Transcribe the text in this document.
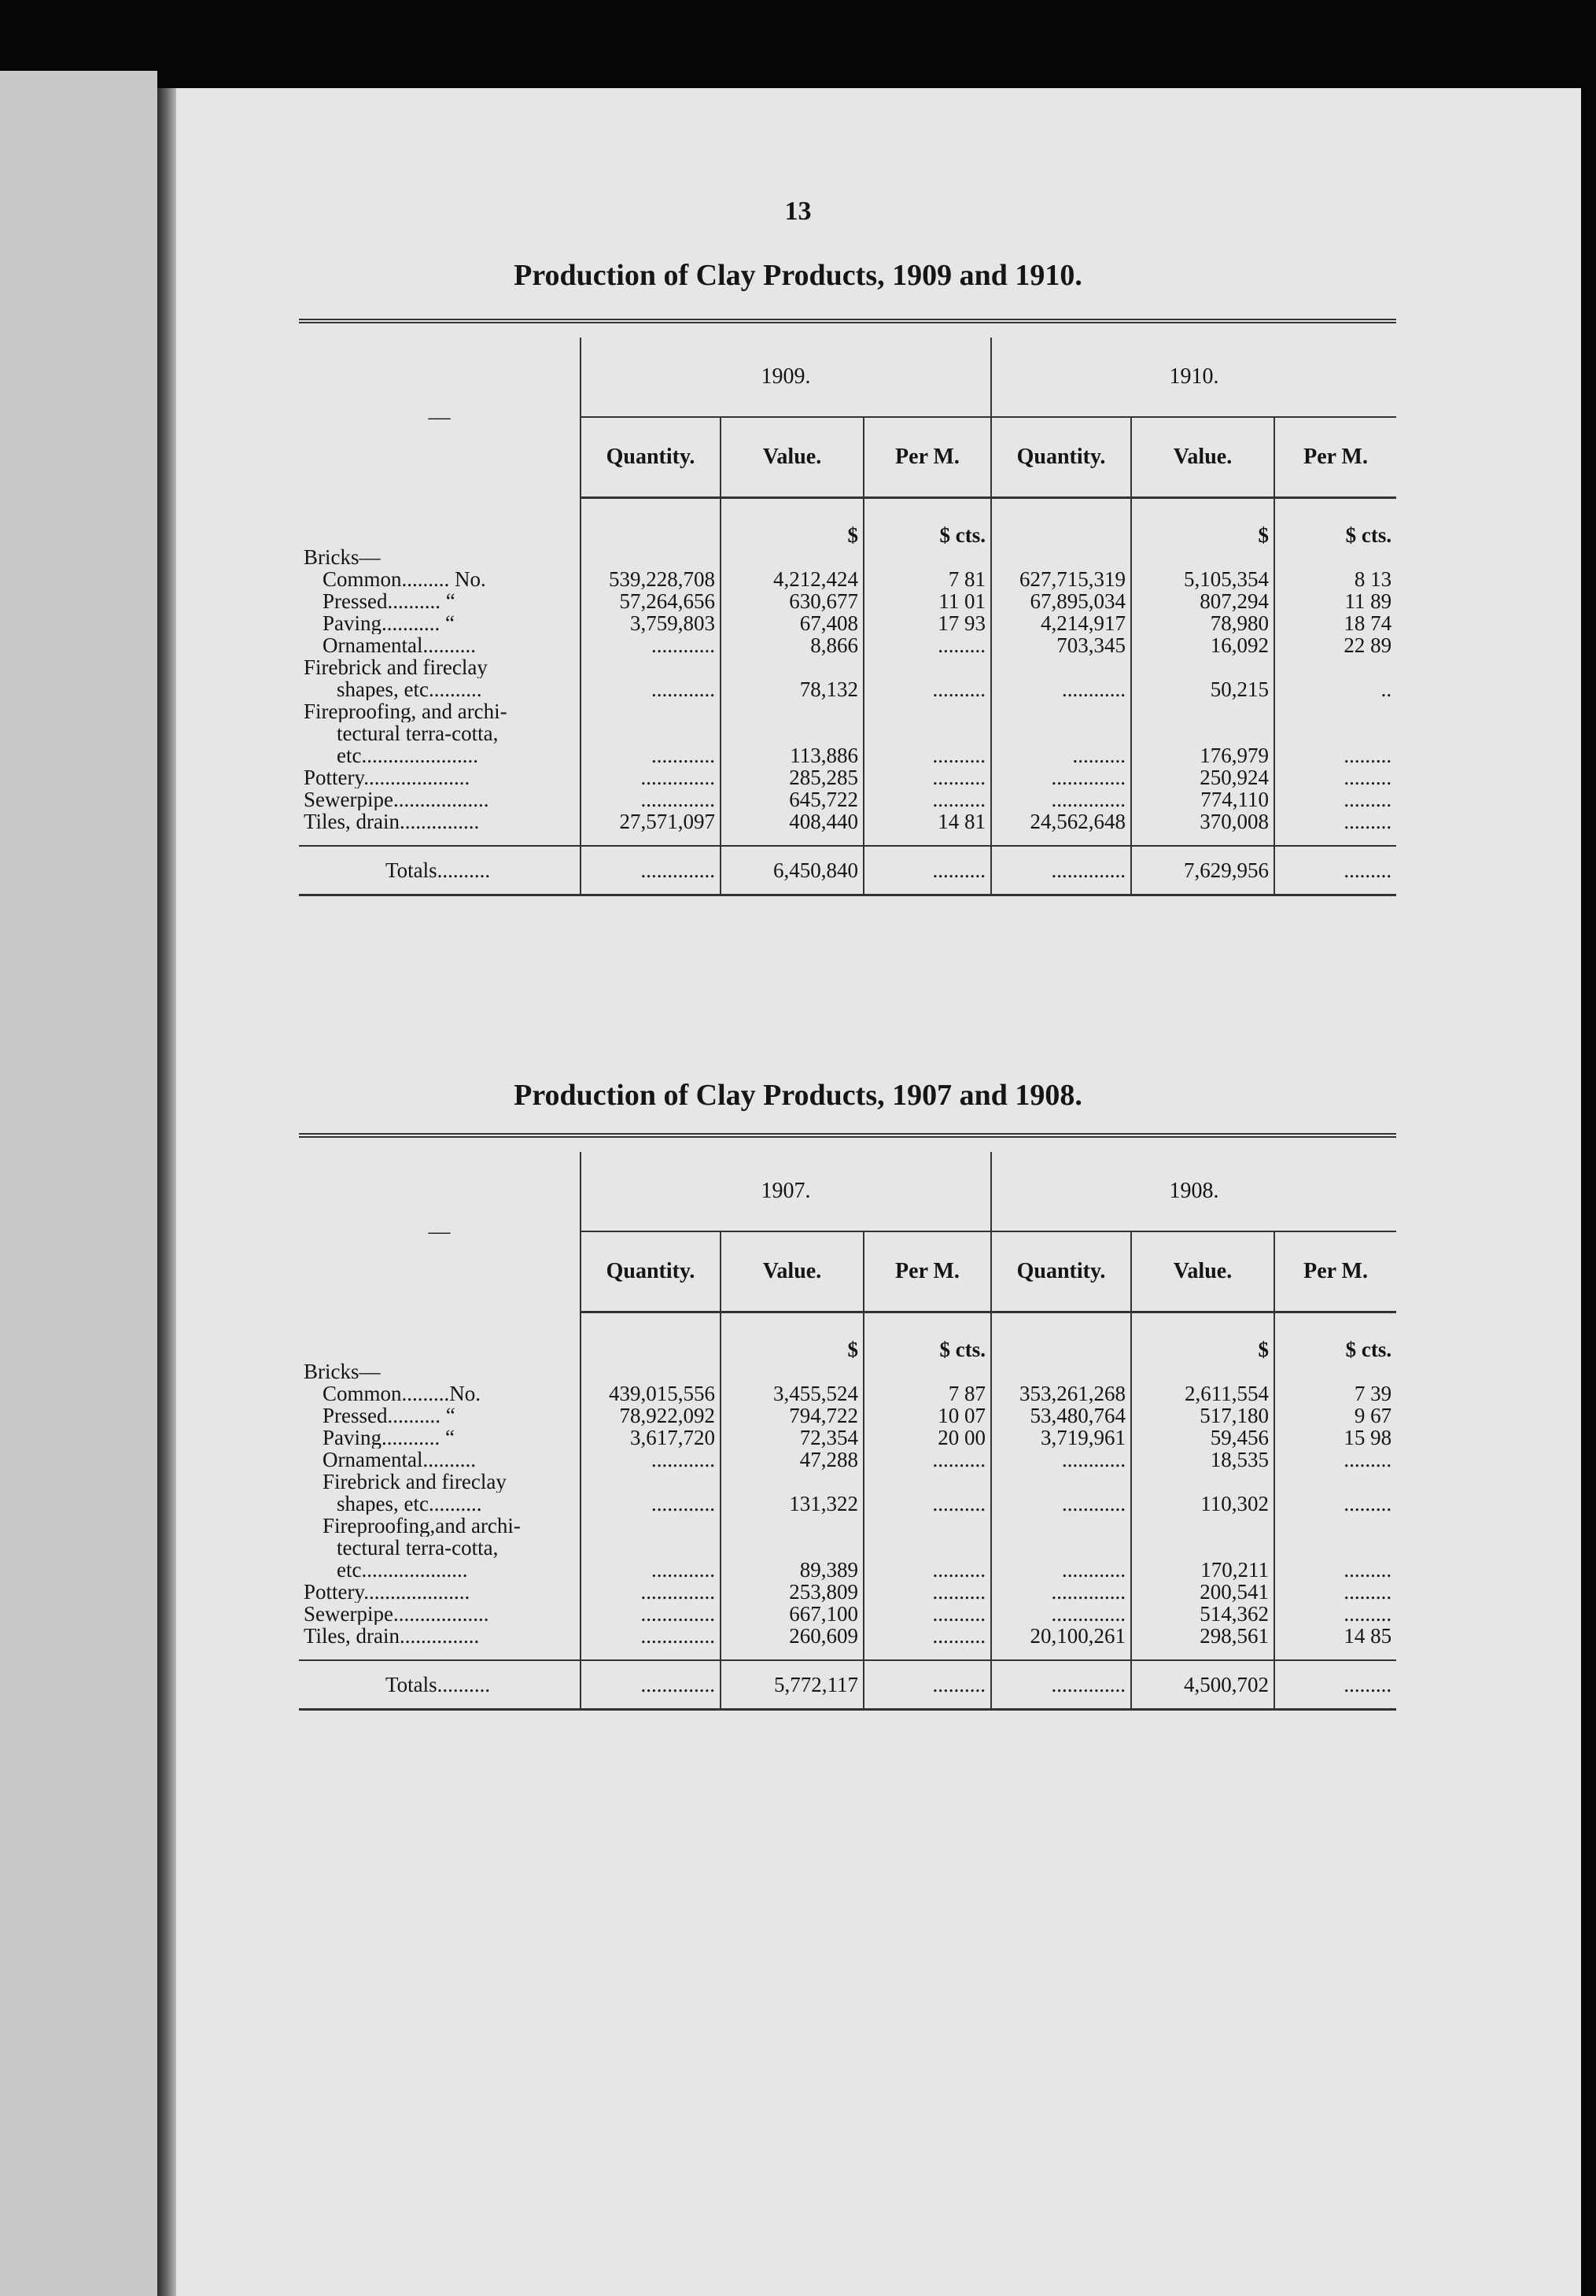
13
Production of Clay Products, 1909 and 1910.

—	1909.			1910.		
	Quantity.	Value.	Per M.	Quantity.	Value.	Per M.
		$	$ cts.		$	$ cts.
Bricks—						
Common......... No.	539,228,708	4,212,424	7 81	627,715,319	5,105,354	8 13
Pressed.......... “	57,264,656	630,677	11 01	67,895,034	807,294	11 89
Paving........... “	3,759,803	67,408	17 93	4,214,917	78,980	18 74
Ornamental..........	............	8,866	.........	703,345	16,092	22 89
Firebrick and fireclay						
shapes, etc..........	............	78,132	..........	............	50,215	..
Fireproofing, and archi-						
tectural terra-cotta,						
etc......................	............	113,886	..........	..........	176,979	.........
Pottery....................	..............	285,285	..........	..............	250,924	.........
Sewerpipe..................	..............	645,722	..........	..............	774,110	.........
Tiles, drain...............	27,571,097	408,440	14 81	24,562,648	370,008	.........

Totals..........	..............	6,450,840	..........	..............	7,629,956	.........
Production of Clay Products, 1907 and 1908.

—	1907.			1908.		
	Quantity.	Value.	Per M.	Quantity.	Value.	Per M.
		$	$ cts.		$	$ cts.
Bricks—						
Common.........No.	439,015,556	3,455,524	7 87	353,261,268	2,611,554	7 39
Pressed.......... “	78,922,092	794,722	10 07	53,480,764	517,180	9 67
Paving........... “	3,617,720	72,354	20 00	3,719,961	59,456	15 98
Ornamental..........	............	47,288	..........	............	18,535	.........
Firebrick and fireclay						
shapes, etc..........	............	131,322	..........	............	110,302	.........
Fireproofing,and archi-						
tectural terra-cotta,						
etc....................	............	89,389	..........	............	170,211	.........
Pottery....................	..............	253,809	..........	..............	200,541	.........
Sewerpipe..................	..............	667,100	..........	..............	514,362	.........
Tiles, drain...............	..............	260,609	..........	20,100,261	298,561	14 85

Totals..........	..............	5,772,117	..........	..............	4,500,702	.........
